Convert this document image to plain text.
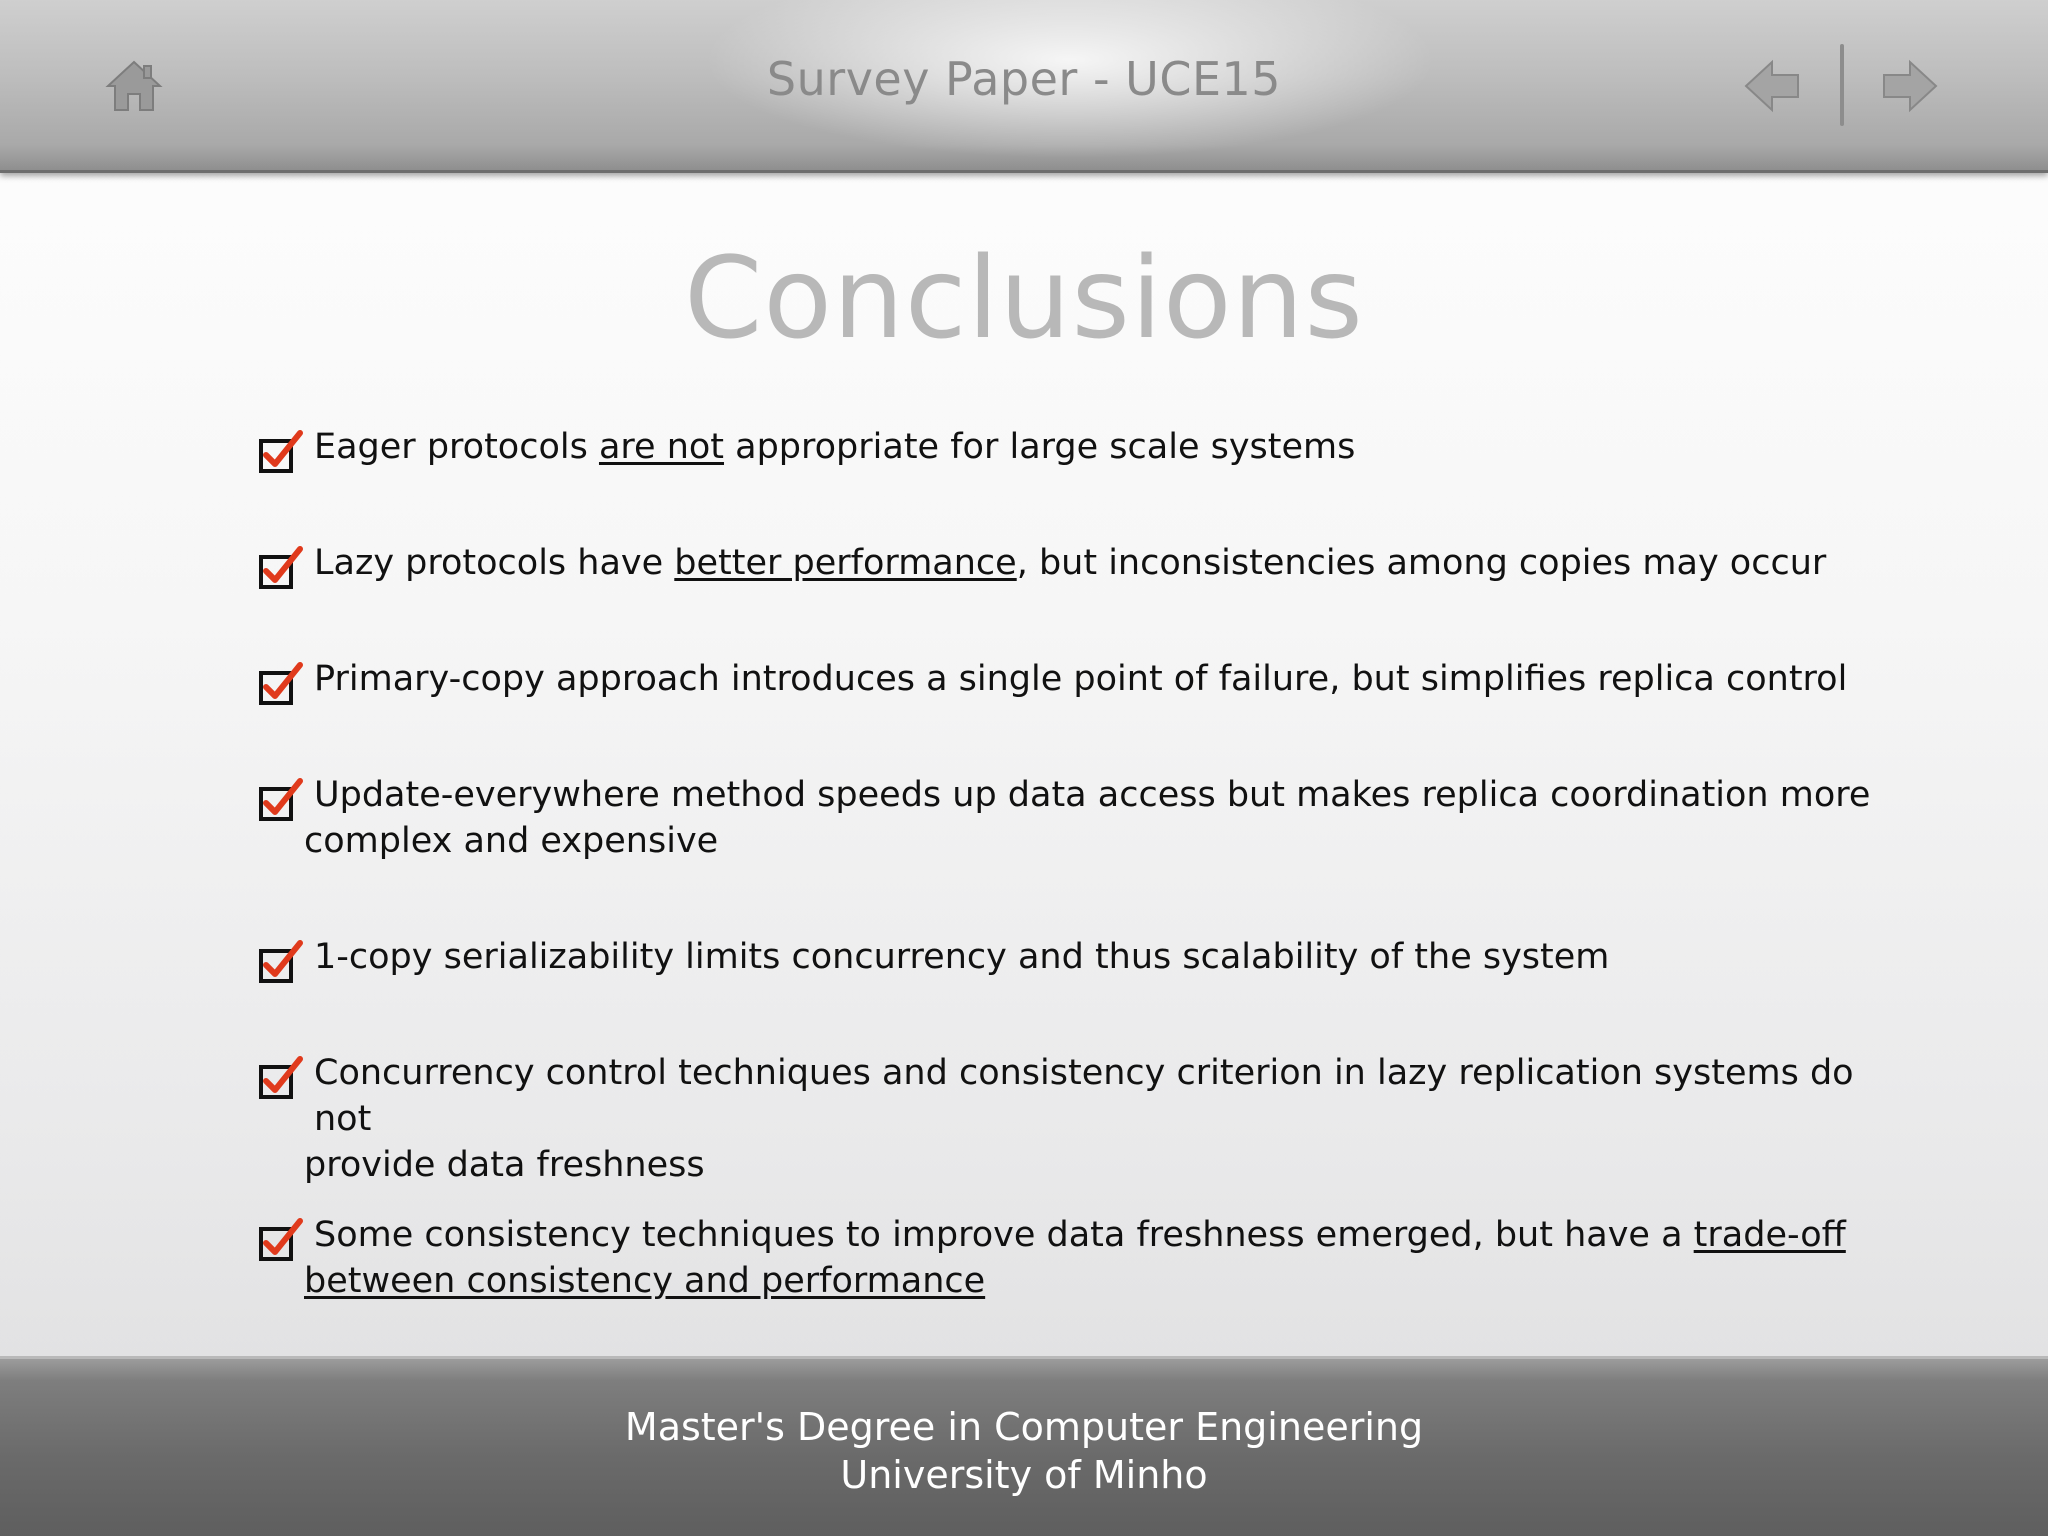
Survey Paper - UCE15
Conclusions
Eager protocols are not appropriate for large scale systems
Lazy protocols have better performance, but inconsistencies among copies may occur
Primary-copy approach introduces a single point of failure, but simplifies replica control
Update-everywhere method speeds up data access but makes replica coordination more
complex and expensive
1-copy serializability limits concurrency and thus scalability of the system
Concurrency control techniques and consistency criterion in lazy replication systems do not
provide data freshness
Some consistency techniques to improve data freshness emerged, but have a trade-off
between consistency and performance
Master's Degree in Computer Engineering
University of Minho
